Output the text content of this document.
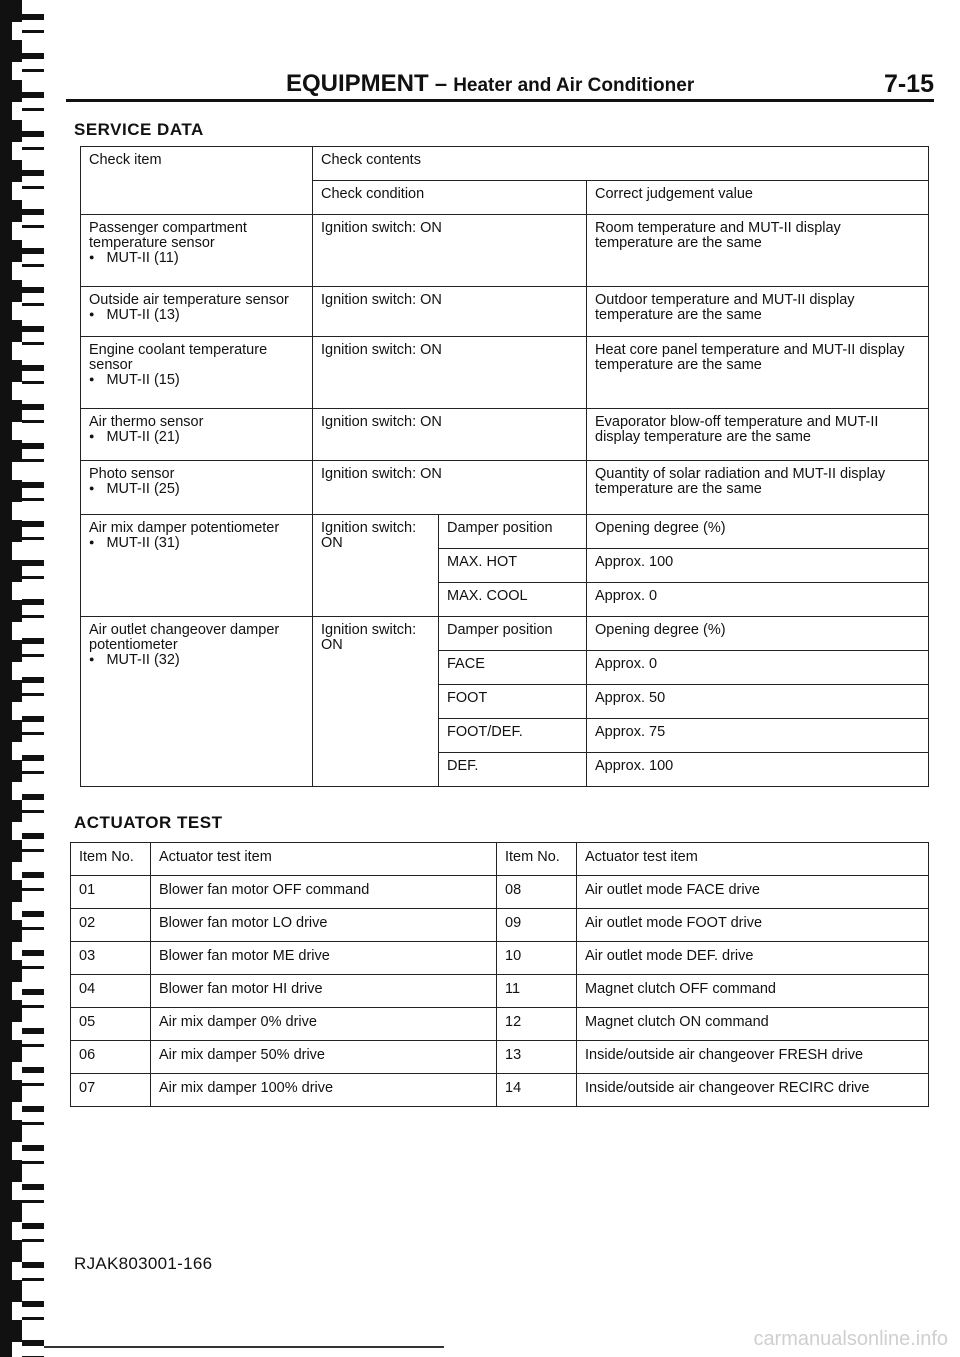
EQUIPMENT – Heater and Air Conditioner	7-15
SERVICE DATA
Check item	Check contents		
	Check condition		Correct judgement value

Passenger compartment temperature sensor
● MUT-II (11)	Ignition switch: ON		Room temperature and MUT-II display temperature are the same

Outside air temperature sensor
● MUT-II (13)	Ignition switch: ON		Outdoor temperature and MUT-II display temperature are the same

Engine coolant temperature sensor
● MUT-II (15)	Ignition switch: ON		Heat core panel temperature and MUT-II display temperature are the same

Air thermo sensor
● MUT-II (21)	Ignition switch: ON		Evaporator blow-off temperature and MUT-II display temperature are the same

Photo sensor
● MUT-II (25)	Ignition switch: ON		Quantity of solar radiation and MUT-II display temperature are the same

Air mix damper potentiometer
● MUT-II (31)	Ignition switch: ON	Damper position	Opening degree (%)
		MAX. HOT	Approx. 100
		MAX. COOL	Approx. 0

Air outlet changeover damper potentiometer
● MUT-II (32)	Ignition switch: ON	Damper position	Opening degree (%)
		FACE	Approx. 0
		FOOT	Approx. 50
		FOOT/DEF.	Approx. 75
		DEF.	Approx. 100
ACTUATOR TEST
Item No.	Actuator test item	Item No.	Actuator test item
01	Blower fan motor OFF command	08	Air outlet mode FACE drive
02	Blower fan motor LO drive	09	Air outlet mode FOOT drive
03	Blower fan motor ME drive	10	Air outlet mode DEF. drive
04	Blower fan motor HI drive	11	Magnet clutch OFF command
05	Air mix damper 0% drive	12	Magnet clutch ON command
06	Air mix damper 50% drive	13	Inside/outside air changeover FRESH drive
07	Air mix damper 100% drive	14	Inside/outside air changeover RECIRC drive
RJAK803001-166
carmanualsonline.info
